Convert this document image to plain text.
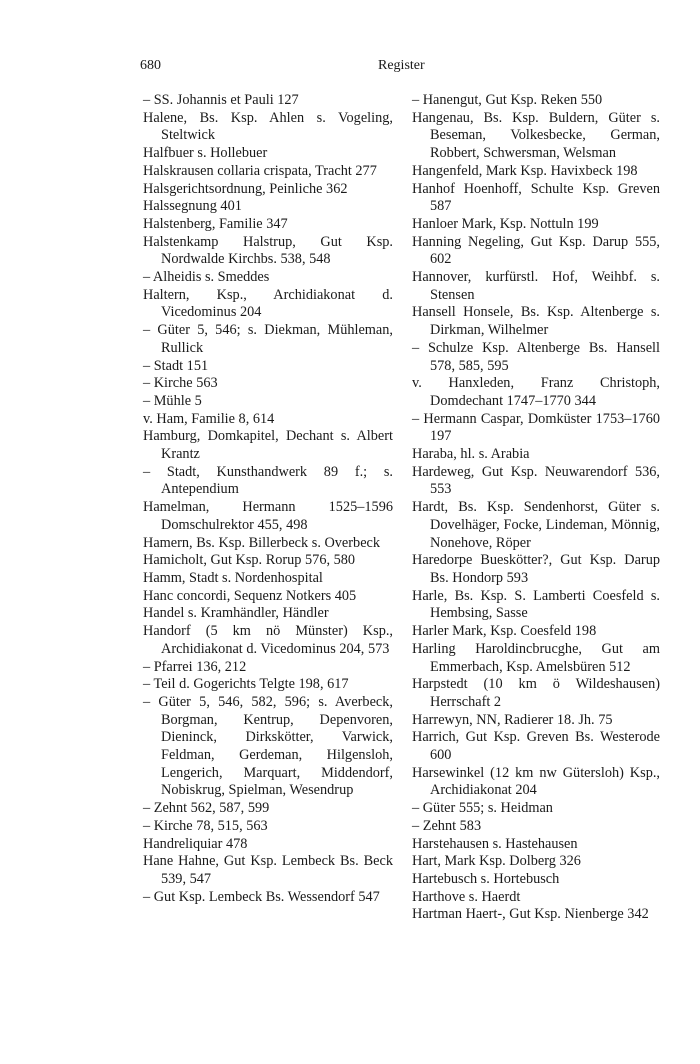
680	Register
– SS. Johannis et Pauli 127
Halene, Bs. Ksp. Ahlen s. Vogeling, Steltwick
Halfbuer s. Hollebuer
Halskrausen collaria crispata, Tracht 277
Halsgerichtsordnung, Peinliche 362
Halssegnung 401
Halstenberg, Familie 347
Halstenkamp Halstrup, Gut Ksp. Nordwalde Kirchbs. 538, 548
– Alheidis s. Smeddes
Haltern, Ksp., Archidiakonat d. Vicedominus 204
– Güter 5, 546; s. Diekman, Mühleman, Rullick
– Stadt 151
– Kirche 563
– Mühle 5
v. Ham, Familie 8, 614
Hamburg, Domkapitel, Dechant s. Albert Krantz
– Stadt, Kunsthandwerk 89 f.; s. Antependium
Hamelman, Hermann 1525–1596 Domschulrektor 455, 498
Hamern, Bs. Ksp. Billerbeck s. Overbeck
Hamicholt, Gut Ksp. Rorup 576, 580
Hamm, Stadt s. Nordenhospital
Hanc concordi, Sequenz Notkers 405
Handel s. Kramhändler, Händler
Handorf (5 km nö Münster) Ksp., Archidiakonat d. Vicedominus 204, 573
– Pfarrei 136, 212
– Teil d. Gogerichts Telgte 198, 617
– Güter 5, 546, 582, 596; s. Averbeck, Borgman, Kentrup, Depenvoren, Dieninck, Dirkskötter, Varwick, Feldman, Gerdeman, Hilgensloh, Lengerich, Marquart, Middendorf, Nobiskrug, Spielman, Wesendrup
– Zehnt 562, 587, 599
– Kirche 78, 515, 563
Handreliquiar 478
Hane Hahne, Gut Ksp. Lembeck Bs. Beck 539, 547
– Gut Ksp. Lembeck Bs. Wessendorf 547
– Hanengut, Gut Ksp. Reken 550
Hangenau, Bs. Ksp. Buldern, Güter s. Beseman, Volkesbecke, German, Robbert, Schwersman, Welsman
Hangenfeld, Mark Ksp. Havixbeck 198
Hanhof Hoenhoff, Schulte Ksp. Greven 587
Hanloer Mark, Ksp. Nottuln 199
Hanning Negeling, Gut Ksp. Darup 555, 602
Hannover, kurfürstl. Hof, Weihbf. s. Stensen
Hansell Honsele, Bs. Ksp. Altenberge s. Dirkman, Wilhelmer
– Schulze Ksp. Altenberge Bs. Hansell 578, 585, 595
v. Hanxleden, Franz Christoph, Domdechant 1747–1770 344
– Hermann Caspar, Domküster 1753–1760 197
Haraba, hl. s. Arabia
Hardeweg, Gut Ksp. Neuwarendorf 536, 553
Hardt, Bs. Ksp. Sendenhorst, Güter s. Dovelhäger, Focke, Lindeman, Mönnig, Nonehove, Röper
Haredorpe Bueskötter?, Gut Ksp. Darup Bs. Hondorp 593
Harle, Bs. Ksp. S. Lamberti Coesfeld s. Hembsing, Sasse
Harler Mark, Ksp. Coesfeld 198
Harling Haroldincbrucghe, Gut am Emmerbach, Ksp. Amelsbüren 512
Harpstedt (10 km ö Wildeshausen) Herrschaft 2
Harrewyn, NN, Radierer 18. Jh. 75
Harrich, Gut Ksp. Greven Bs. Westerode 600
Harsewinkel (12 km nw Gütersloh) Ksp., Archidiakonat 204
– Güter 555; s. Heidman
– Zehnt 583
Harstehausen s. Hastehausen
Hart, Mark Ksp. Dolberg 326
Hartebusch s. Hortebusch
Harthove s. Haerdt
Hartman Haert-, Gut Ksp. Nienberge 342
